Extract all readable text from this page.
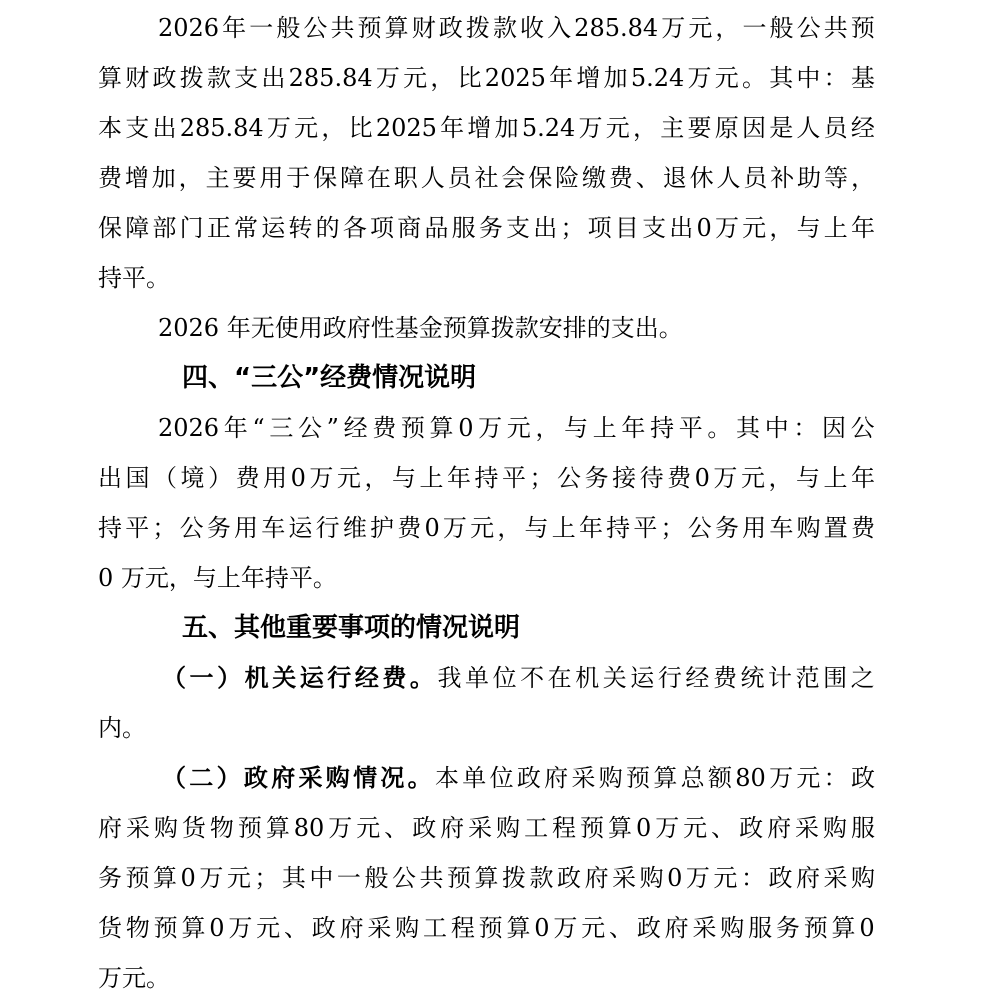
2026 年 一 般 公 共 预 算 财 政 拨 款 收 入 285.84 万 元 ， 一 般 公 共 预
算 财 政 拨 款 支 出 285.84 万 元 ， 比 2025 年 增 加 5.24 万 元 。 其 中 ： 基
本 支 出 285.84 万 元 ， 比 2025 年 增 加 5.24 万 元 ， 主 要 原 因 是 人 员 经
费 增 加 ， 主 要 用 于 保 障 在 职 人 员 社 会 保 险 缴 费 、 退 休 人 员 补 助 等 ，
保 障 部 门 正 常 运 转 的 各 项 商 品 服 务 支 出 ； 项 目 支 出 0 万 元 ， 与 上 年
持平。
2026 年无使用政府性基金预算拨款安排的支出。
四、“三公”经费情况说明
2026 年 “ 三 公 ” 经 费 预 算 0 万 元 ， 与 上 年 持 平 。 其 中 ： 因 公
出 国 （ 境 ） 费 用 0 万 元 ， 与 上 年 持 平 ； 公 务 接 待 费 0 万 元 ， 与 上 年
持 平 ； 公 务 用 车 运 行 维 护 费 0 万 元 ， 与 上 年 持 平 ； 公 务 用 车 购 置 费
0 万元，与上年持平。
五、其他重要事项的情况说明
（ 一 ） 机 关 运 行 经 费 。 我 单 位 不 在 机 关 运 行 经 费 统 计 范 围 之
内。
（ 二 ） 政 府 采 购 情 况 。 本 单 位 政 府 采 购 预 算 总 额 80 万 元 ： 政
府 采 购 货 物 预 算 80 万 元 、 政 府 采 购 工 程 预 算 0 万 元 、 政 府 采 购 服
务 预 算 0 万 元 ； 其 中 一 般 公 共 预 算 拨 款 政 府 采 购 0 万 元 ： 政 府 采 购
货 物 预 算 0 万 元 、 政 府 采 购 工 程 预 算 0 万 元 、 政 府 采 购 服 务 预 算 0
万元。
